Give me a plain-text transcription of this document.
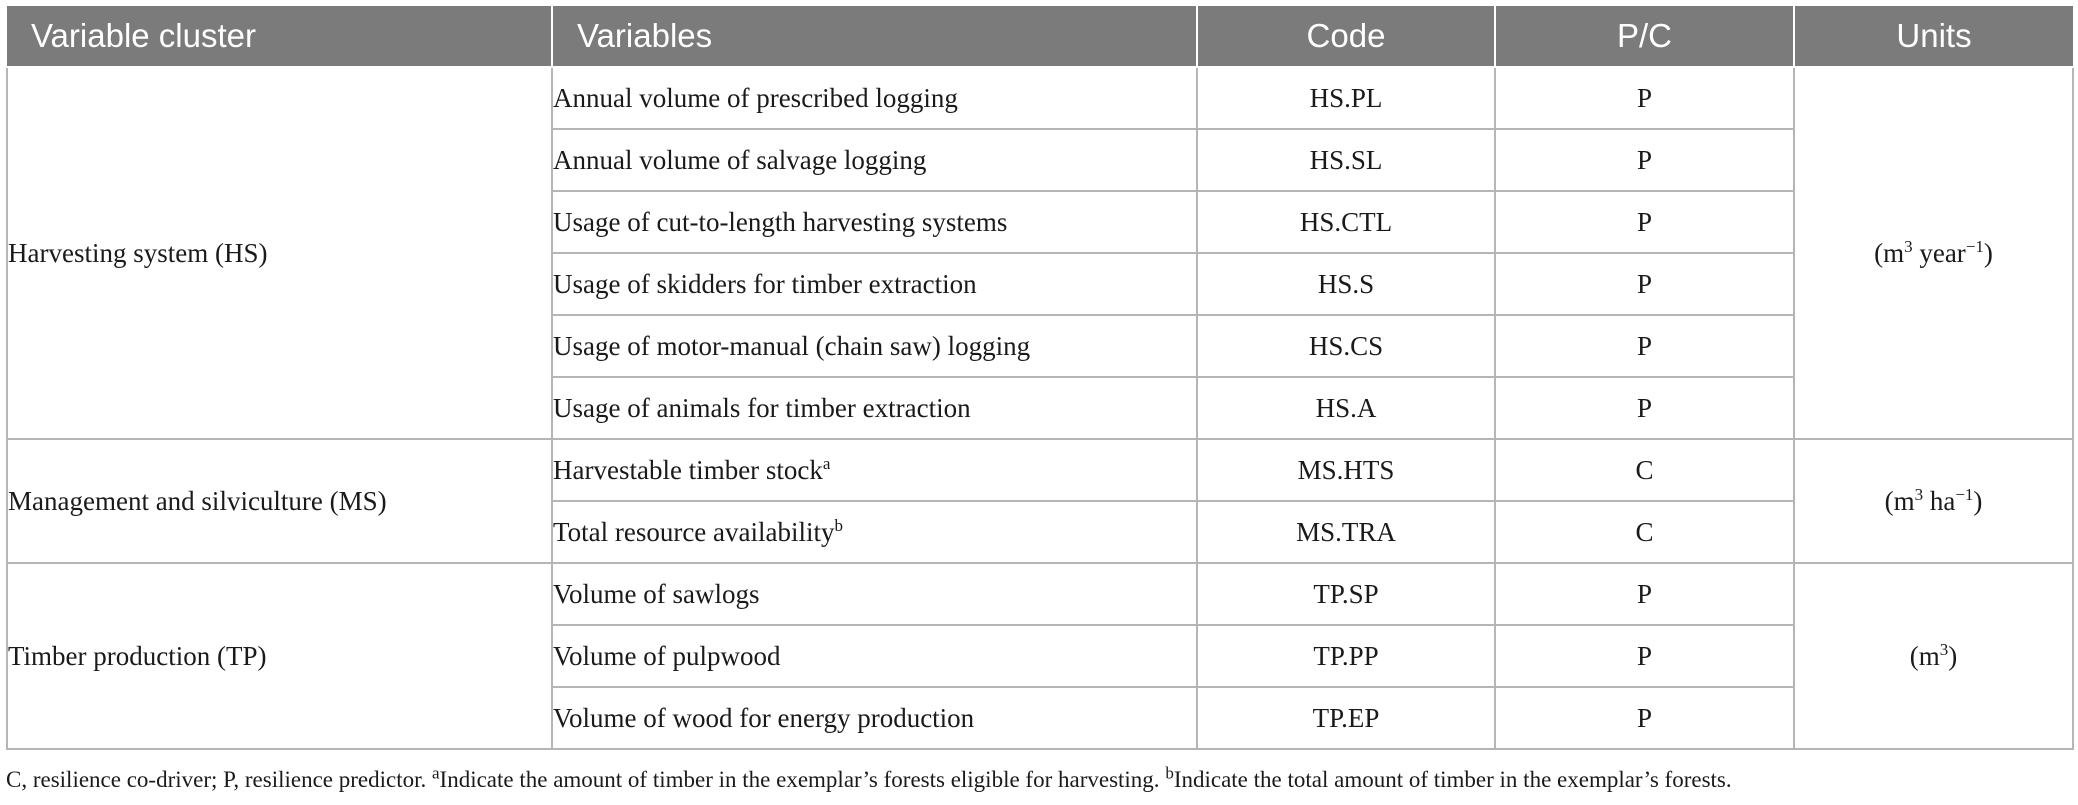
Variable cluster	Variables	Code	P/C	Units
Harvesting system (HS)	Annual volume of prescribed logging	HS.PL	P	($m^3$ year$^{-1}$)
	Annual volume of salvage logging	HS.SL	P	
	Usage of cut-to-length harvesting systems	HS.CTL	P	
	Usage of skidders for timber extraction	HS.S	P	
	Usage of motor-manual (chain saw) logging	HS.CS	P	
	Usage of animals for timber extraction	HS.A	P	
Management and silviculture (MS)	Harvestable timber stock$^a$	MS.HTS	C	($m^3$ $ha^{-1}$)
	Total resource availability$^b$	MS.TRA	C	
Timber production (TP)	Volume of sawlogs	TP.SP	P	$(m^3)$
	Volume of pulpwood	TP.PP	P	
	Volume of wood for energy production	TP.EP	P	
C, resilience co-driver; P, resilience predictor. $^a$Indicate the amount of timber in the exemplar’s forests eligible for harvesting. $^b$Indicate the total amount of timber in the exemplar’s forests.
